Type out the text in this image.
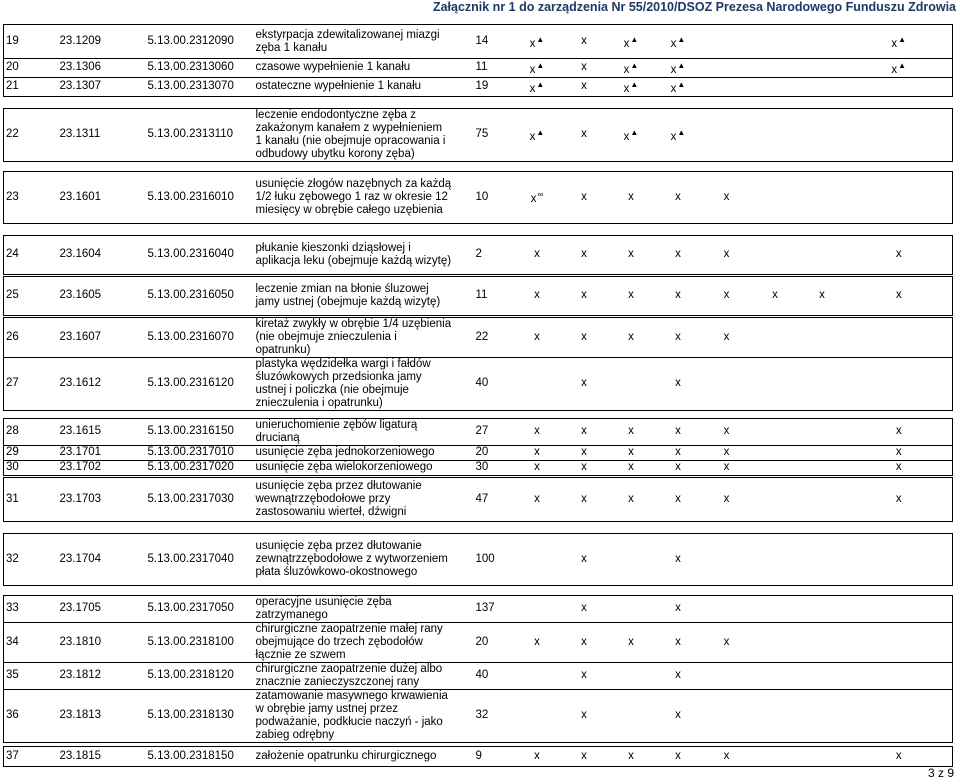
Załącznik nr 1 do zarządzenia Nr 55/2010/DSOZ Prezesa Narodowego Funduszu Zdrowia
19	23.1209	5.13.00.2312090	ekstyrpacja zdewitalizowanej miazgi zęba 1 kanału	14	x▲	x	x▲	x▲				x▲
20	23.1306	5.13.00.2313060	czasowe wypełnienie 1 kanału	11	x▲	x	x▲	x▲				x▲
21	23.1307	5.13.00.2313070	ostateczne wypełnienie 1 kanału	19	x▲	x	x▲	x▲				

22	23.1311	5.13.00.2313110	leczenie endodontyczne zęba z zakażonym kanałem z wypełnieniem 1 kanału (nie obejmuje opracowania i odbudowy ubytku korony zęba)	75	x▲	x	x▲	x▲				

23	23.1601	5.13.00.2316010	usunięcie złogów nazębnych za każdą 1/2 łuku zębowego 1 raz w okresie 12 miesięcy w obrębie całego uzębienia	10	x∞	x	x	x	x			

24	23.1604	5.13.00.2316040	płukanie kieszonki dziąsłowej i aplikacja leku (obejmuje każdą wizytę)	2	x	x	x	x	x			x

25	23.1605	5.13.00.2316050	leczenie zmian na błonie śluzowej jamy ustnej (obejmuje każdą wizytę)	11	x	x	x	x	x	x	x	x

26	23.1607	5.13.00.2316070	kiretaż zwykły w obrębie 1/4 uzębienia (nie obejmuje znieczulenia i opatrunku)	22	x	x	x	x	x			
27	23.1612	5.13.00.2316120	plastyka wędzidełka wargi i fałdów śluzówkowych przedsionka jamy ustnej i policzka (nie obejmuje znieczulenia i opatrunku)	40		x		x				

28	23.1615	5.13.00.2316150	unieruchomienie zębów ligaturą drucianą	27	x	x	x	x	x			x
29	23.1701	5.13.00.2317010	usunięcie zęba jednokorzeniowego	20	x	x	x	x	x			x
30	23.1702	5.13.00.2317020	usunięcie zęba wielokorzeniowego	30	x	x	x	x	x			x

31	23.1703	5.13.00.2317030	usunięcie zęba przez dłutowanie wewnątrzzębodołowe przy zastosowaniu wierteł, dźwigni	47	x	x	x	x	x			x

32	23.1704	5.13.00.2317040	usunięcie zęba przez dłutowanie zewnątrzzębodołowe z wytworzeniem płata śluzówkowo-okostnowego	100		x		x				

33	23.1705	5.13.00.2317050	operacyjne usunięcie zęba zatrzymanego	137		x		x				
34	23.1810	5.13.00.2318100	chirurgiczne zaopatrzenie małej rany obejmujące do trzech zębodołów łącznie ze szwem	20	x	x	x	x	x			
35	23.1812	5.13.00.2318120	chirurgiczne zaopatrzenie dużej albo znacznie zanieczyszczonej rany	40		x		x				
36	23.1813	5.13.00.2318130	zatamowanie masywnego krwawienia w obrębie jamy ustnej przez podważanie, podkłucie naczyń - jako zabieg odrębny	32		x		x				

37	23.1815	5.13.00.2318150	założenie opatrunku chirurgicznego	9	x	x	x	x	x			x
3 z 9
